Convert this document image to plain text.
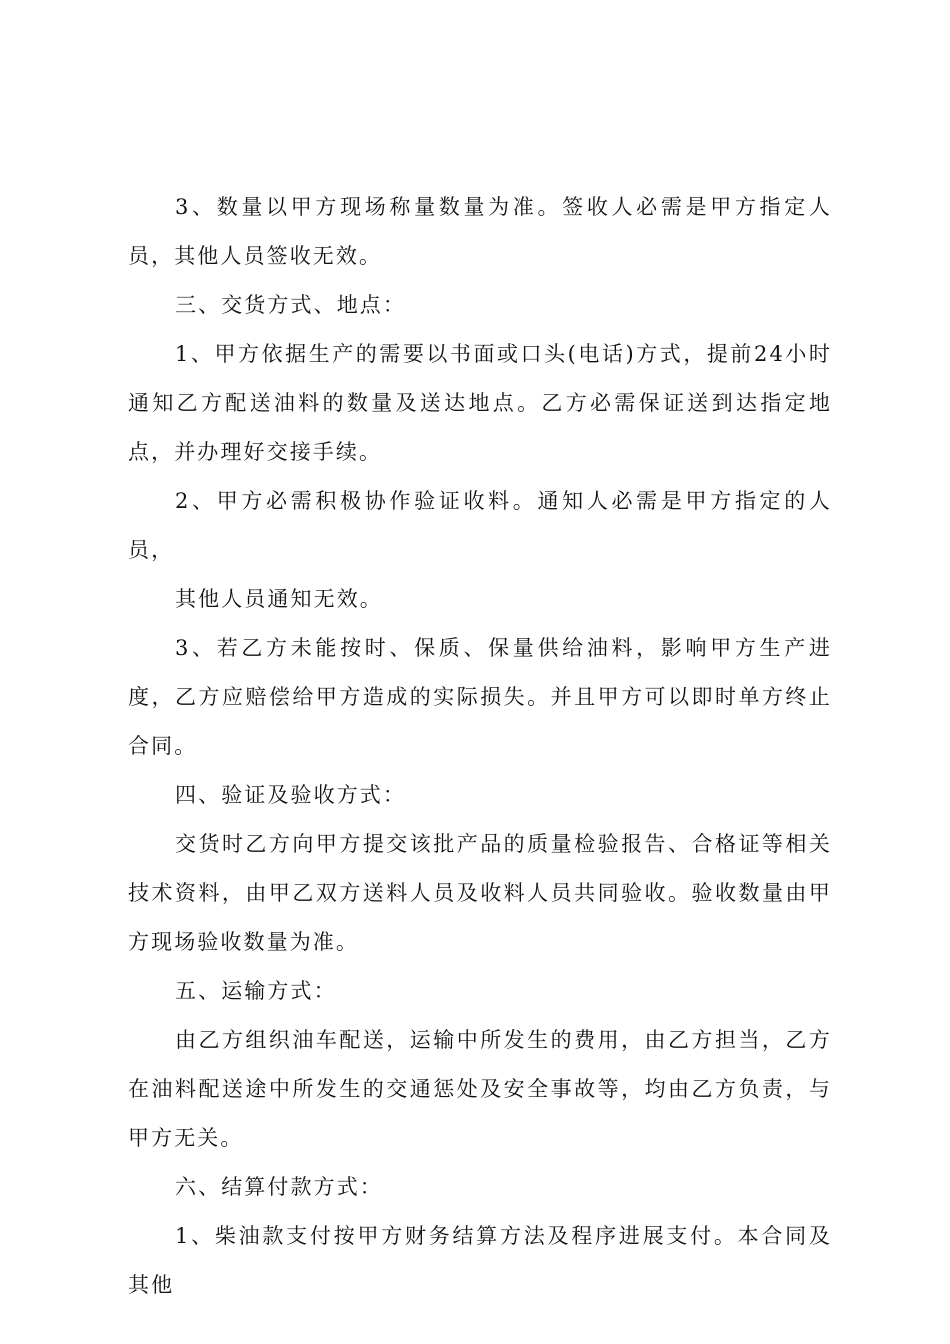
3、数量以甲方现场称量数量为准。签收人必需是甲方指定人员，其他人员签收无效。

三、交货方式、地点：

1、甲方依据生产的需要以书面或口头(电话)方式，提前24小时通知乙方配送油料的数量及送达地点。乙方必需保证送到达指定地点，并办理好交接手续。

2、甲方必需积极协作验证收料。通知人必需是甲方指定的人员，

其他人员通知无效。

3、若乙方未能按时、保质、保量供给油料，影响甲方生产进度，乙方应赔偿给甲方造成的实际损失。并且甲方可以即时单方终止合同。

四、验证及验收方式：

交货时乙方向甲方提交该批产品的质量检验报告、合格证等相关技术资料，由甲乙双方送料人员及收料人员共同验收。验收数量由甲方现场验收数量为准。

五、运输方式：

由乙方组织油车配送，运输中所发生的费用，由乙方担当，乙方在油料配送途中所发生的交通惩处及安全事故等，均由乙方负责，与甲方无关。

六、结算付款方式：

1、柴油款支付按甲方财务结算方法及程序进展支付。本合同及其他
